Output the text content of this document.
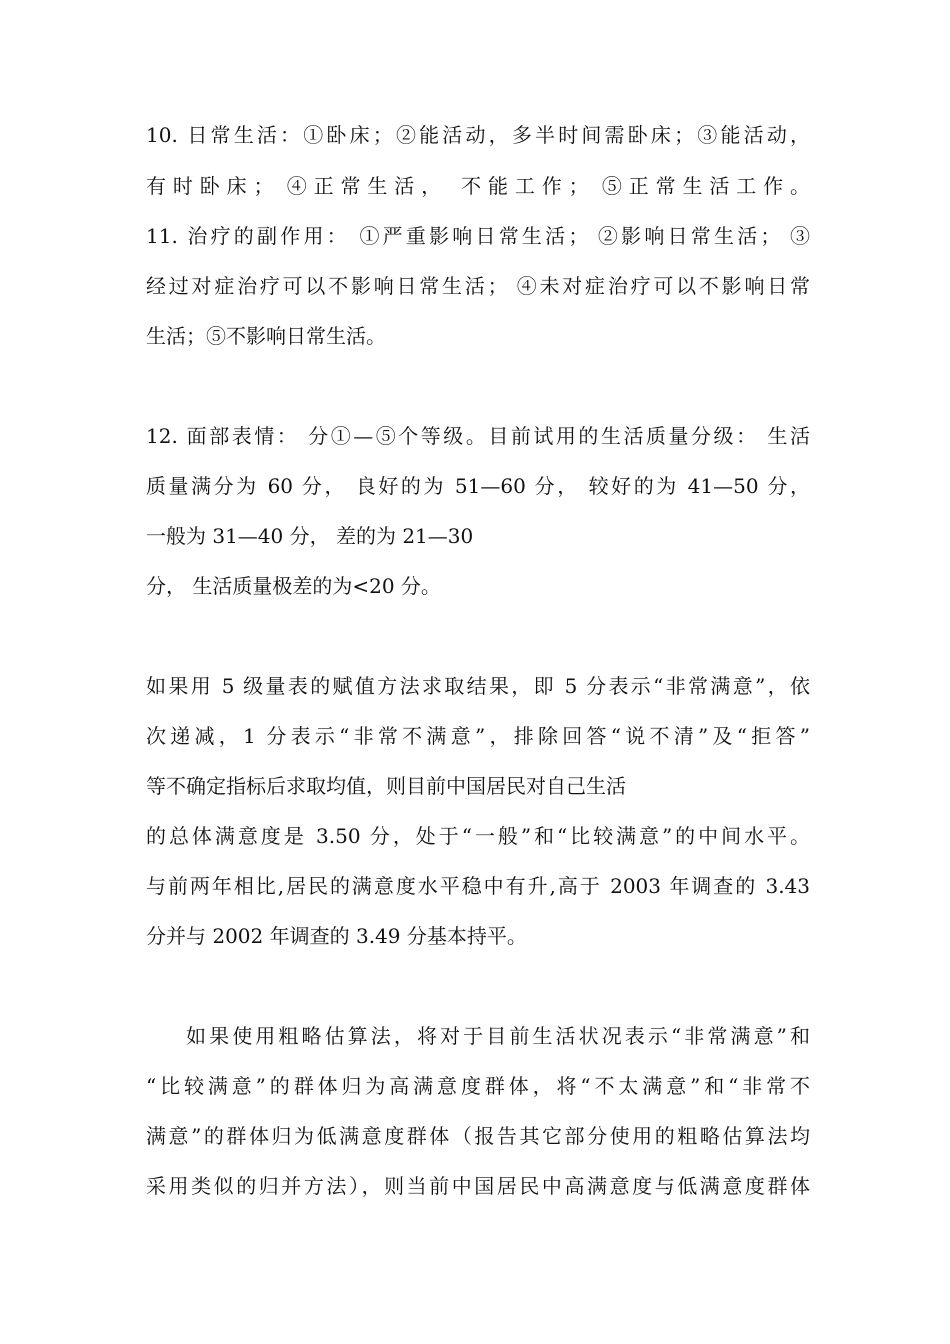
10. 日常生活：①卧床；②能活动，多半时间需卧床；③能活动，
有时卧床； ④正常生活， 不能工作； ⑤正常生活工作。
11. 治疗的副作用： ①严重影响日常生活； ②影响日常生活； ③
经过对症治疗可以不影响日常生活； ④未对症治疗可以不影响日常
生活；⑤不影响日常生活。
12. 面部表情： 分①—⑤个等级。目前试用的生活质量分级： 生活
质量满分为 60 分， 良好的为 51—60 分， 较好的为 41—50 分，
一般为 31—40 分， 差的为 21—30
分， 生活质量极差的为<20 分。
如果用 5 级量表的赋值方法求取结果，即 5 分表示“非常满意”，依
次递减，1 分表示“非常不满意”，排除回答“说不清”及“拒答”
等不确定指标后求取均值，则目前中国居民对自己生活
的总体满意度是 3.50 分，处于“一般”和“比较满意”的中间水平。
与前两年相比,居民的满意度水平稳中有升,高于 2003 年调查的 3.43
分并与 2002 年调查的 3.49 分基本持平。
如果使用粗略估算法，将对于目前生活状况表示“非常满意”和
“比较满意”的群体归为高满意度群体，将“不太满意”和“非常不
满意”的群体归为低满意度群体（报告其它部分使用的粗略估算法均
采用类似的归并方法），则当前中国居民中高满意度与低满意度群体
